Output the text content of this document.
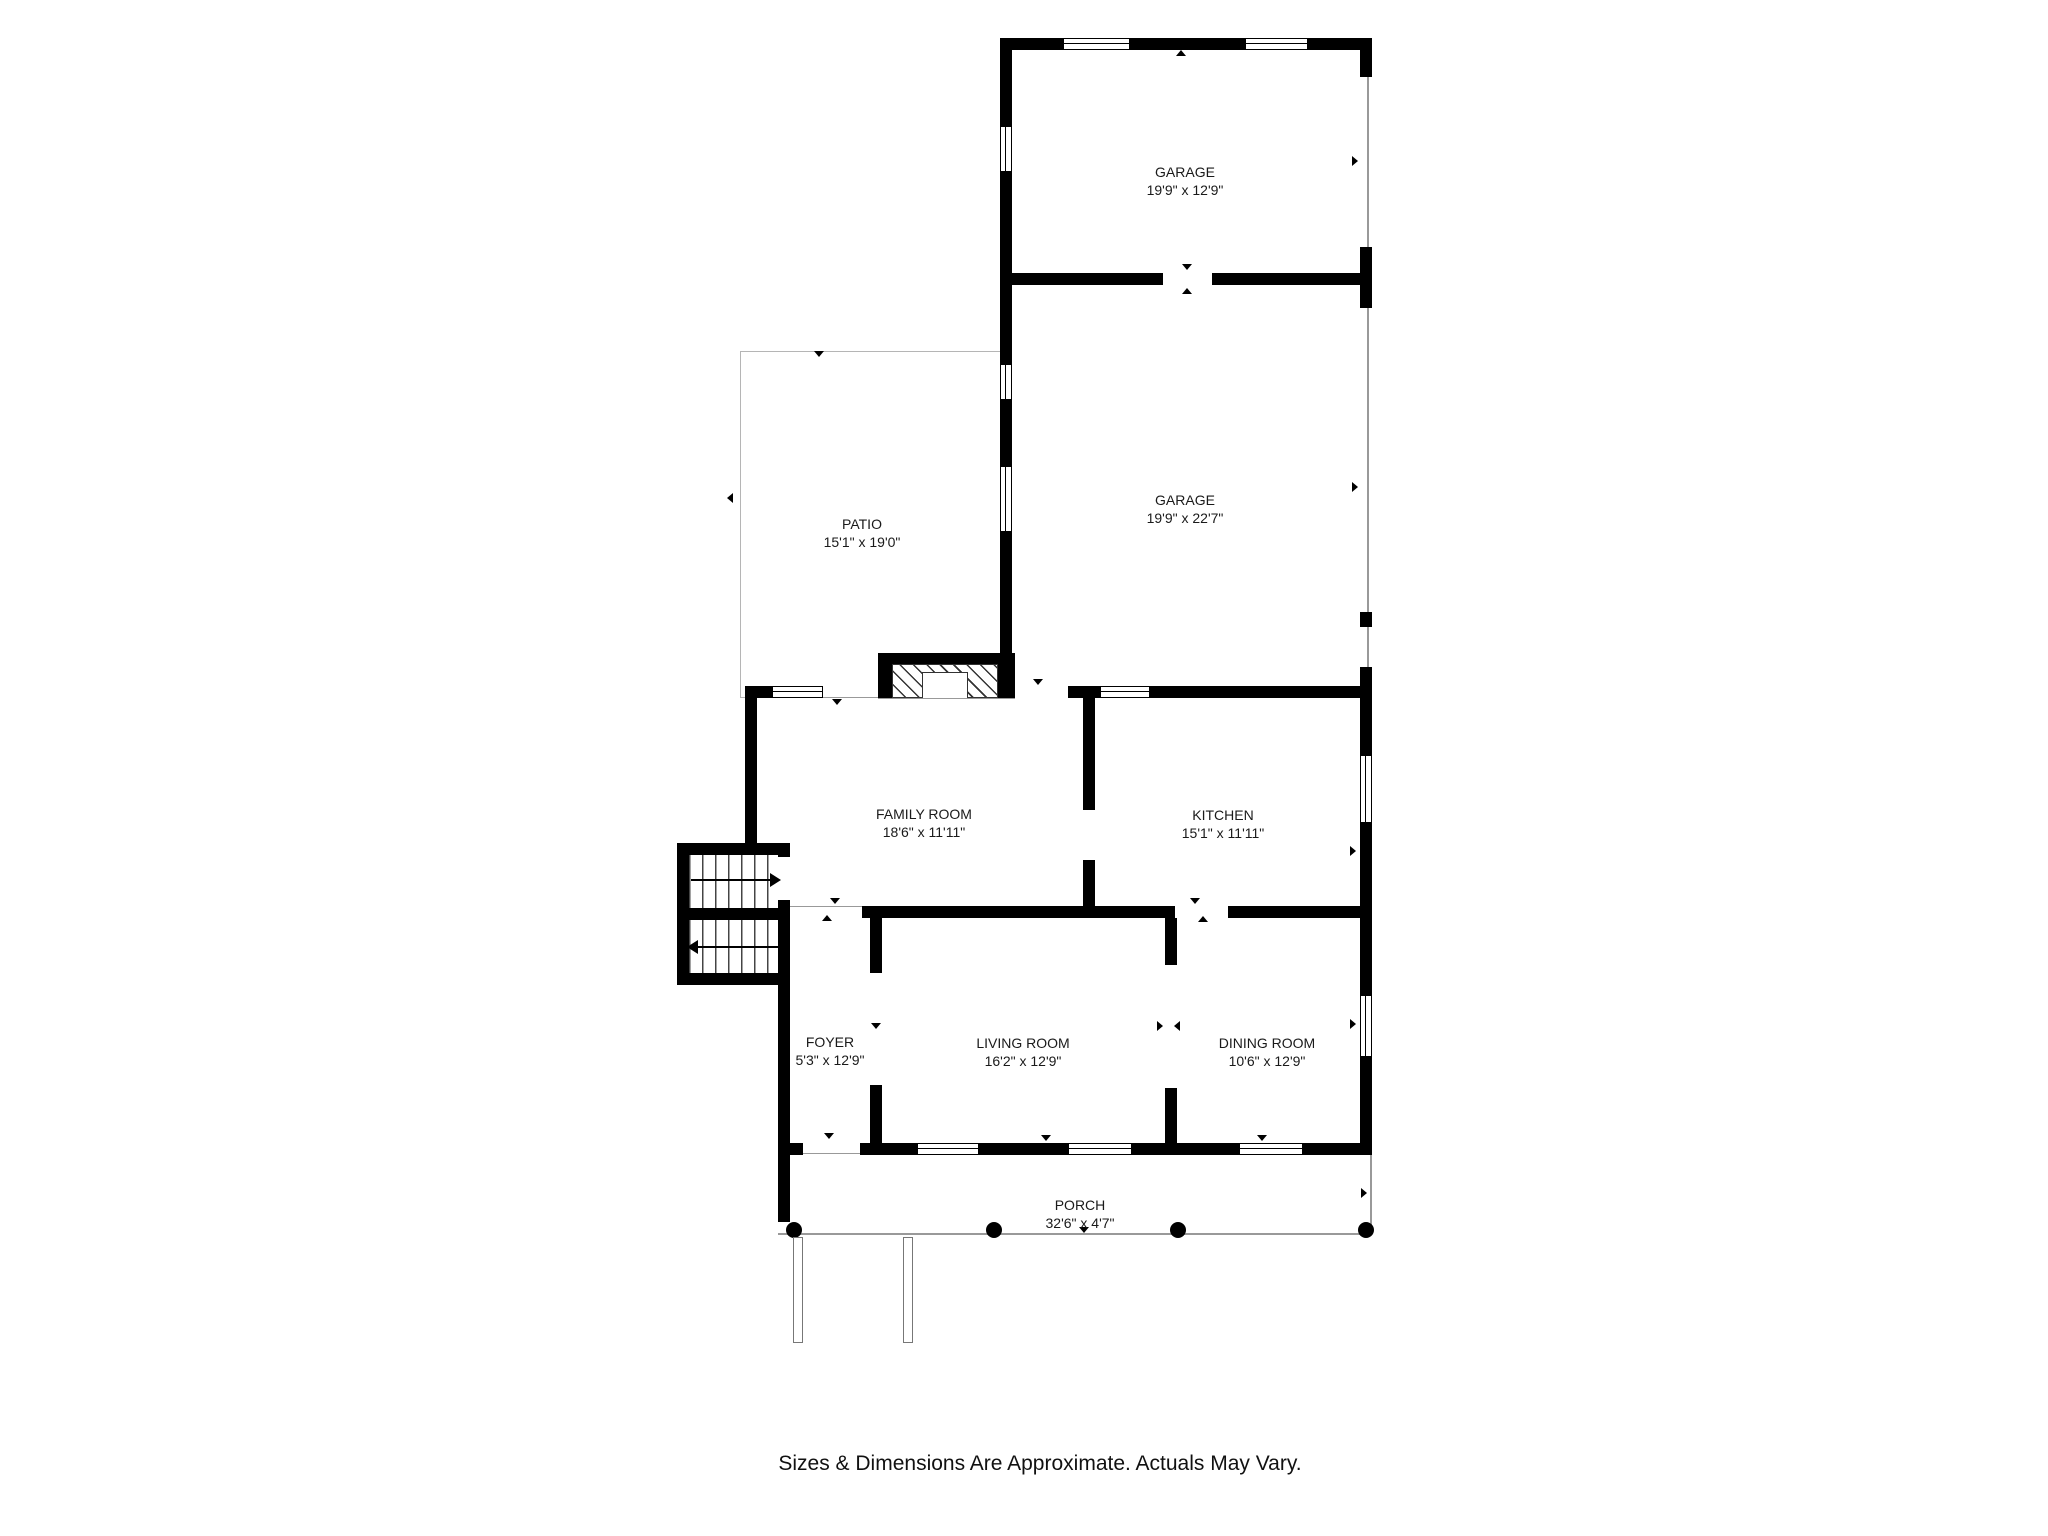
GARAGE
19'9" x 12'9"
GARAGE
19'9" x 22'7"
PATIO
15'1" x 19'0"
FAMILY ROOM
18'6" x 11'11"
KITCHEN
15'1" x 11'11"
FOYER
5'3" x 12'9"
LIVING ROOM
16'2" x 12'9"
DINING ROOM
10'6" x 12'9"
PORCH
32'6" x 4'7"
Sizes & Dimensions Are Approximate. Actuals May Vary.
